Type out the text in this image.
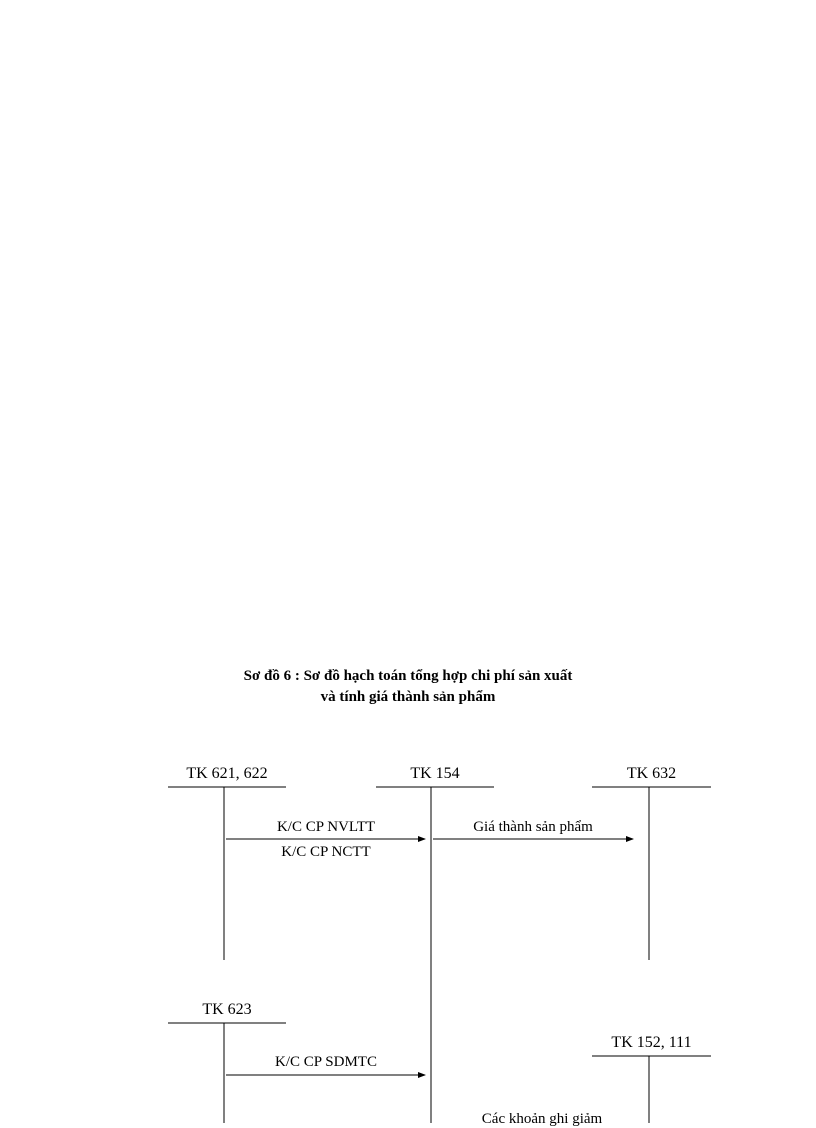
Sơ đồ 6 : Sơ đồ hạch toán tổng hợp chi phí sản xuất
và tính giá thành sản phẩm
TK 621, 622	TK 154	TK 632
TK 623
TK 152, 111
K/C CP NVLTT
K/C CP NCTT
Giá thành sản phẩm
K/C CP SDMTC
Các khoản ghi giảm
